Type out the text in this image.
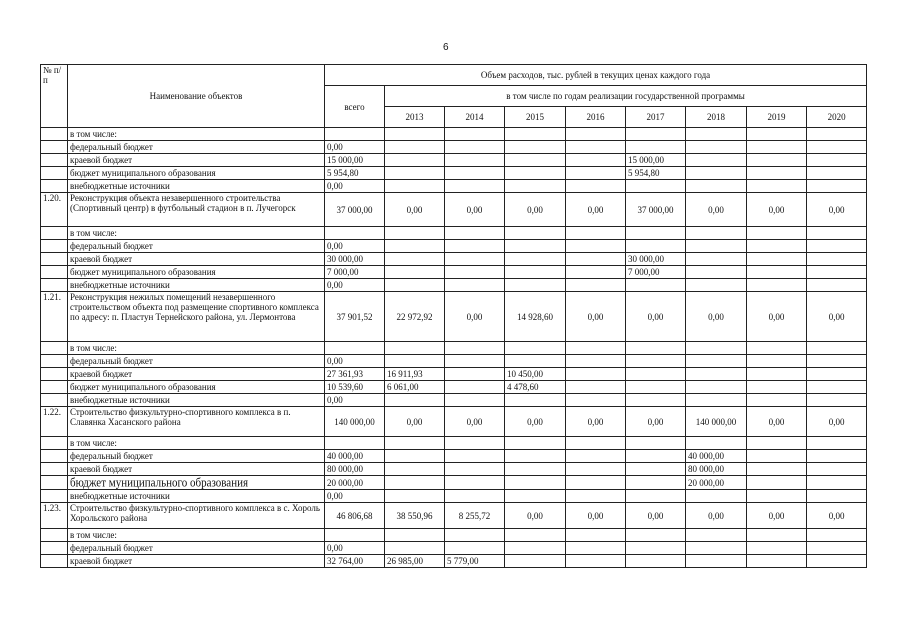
6
№ п/п	Наименование объектов	Объем расходов, тыс. рублей в текущих ценах каждого года								
		всего	в том числе по годам реализации государственной программы							
			2013	2014	2015	2016	2017	2018	2019	2020
	в том числе:									
	федеральный бюджет	0,00								
	краевой бюджет	15 000,00					15 000,00			
	бюджет муниципального образования	5 954,80					5 954,80			
	внебюджетные источники	0,00								
1.20.	Реконструкция объекта незавершенного строительства (Спортивный центр) в футбольный стадион в п. Лучегорск	37 000,00	0,00	0,00	0,00	0,00	37 000,00	0,00	0,00	0,00
	в том числе:									
	федеральный бюджет	0,00								
	краевой бюджет	30 000,00					30 000,00			
	бюджет муниципального образования	7 000,00					7 000,00			
	внебюджетные источники	0,00								
1.21.	Реконструкция нежилых помещений незавершенного строительством объекта под размещение спортивного комплекса по адресу: п. Пластун Тернейского района, ул. Лермонтова	37 901,52	22 972,92	0,00	14 928,60	0,00	0,00	0,00	0,00	0,00
	в том числе:									
	федеральный бюджет	0,00								
	краевой бюджет	27 361,93	16 911,93		10 450,00					
	бюджет муниципального образования	10 539,60	6 061,00		4 478,60					
	внебюджетные источники	0,00								
1.22.	Строительство физкультурно-спортивного комплекса в п. Славянка Хасанского района	140 000,00	0,00	0,00	0,00	0,00	0,00	140 000,00	0,00	0,00
	в том числе:									
	федеральный бюджет	40 000,00						40 000,00		
	краевой бюджет	80 000,00						80 000,00		
	бюджет муниципального образования	20 000,00						20 000,00		
	внебюджетные источники	0,00								
1.23.	Строительство физкультурно-спортивного комплекса в с. Хороль Хорольского района	46 806,68	38 550,96	8 255,72	0,00	0,00	0,00	0,00	0,00	0,00
	в том числе:									
	федеральный бюджет	0,00								
	краевой бюджет	32 764,00	26 985,00	5 779,00						
